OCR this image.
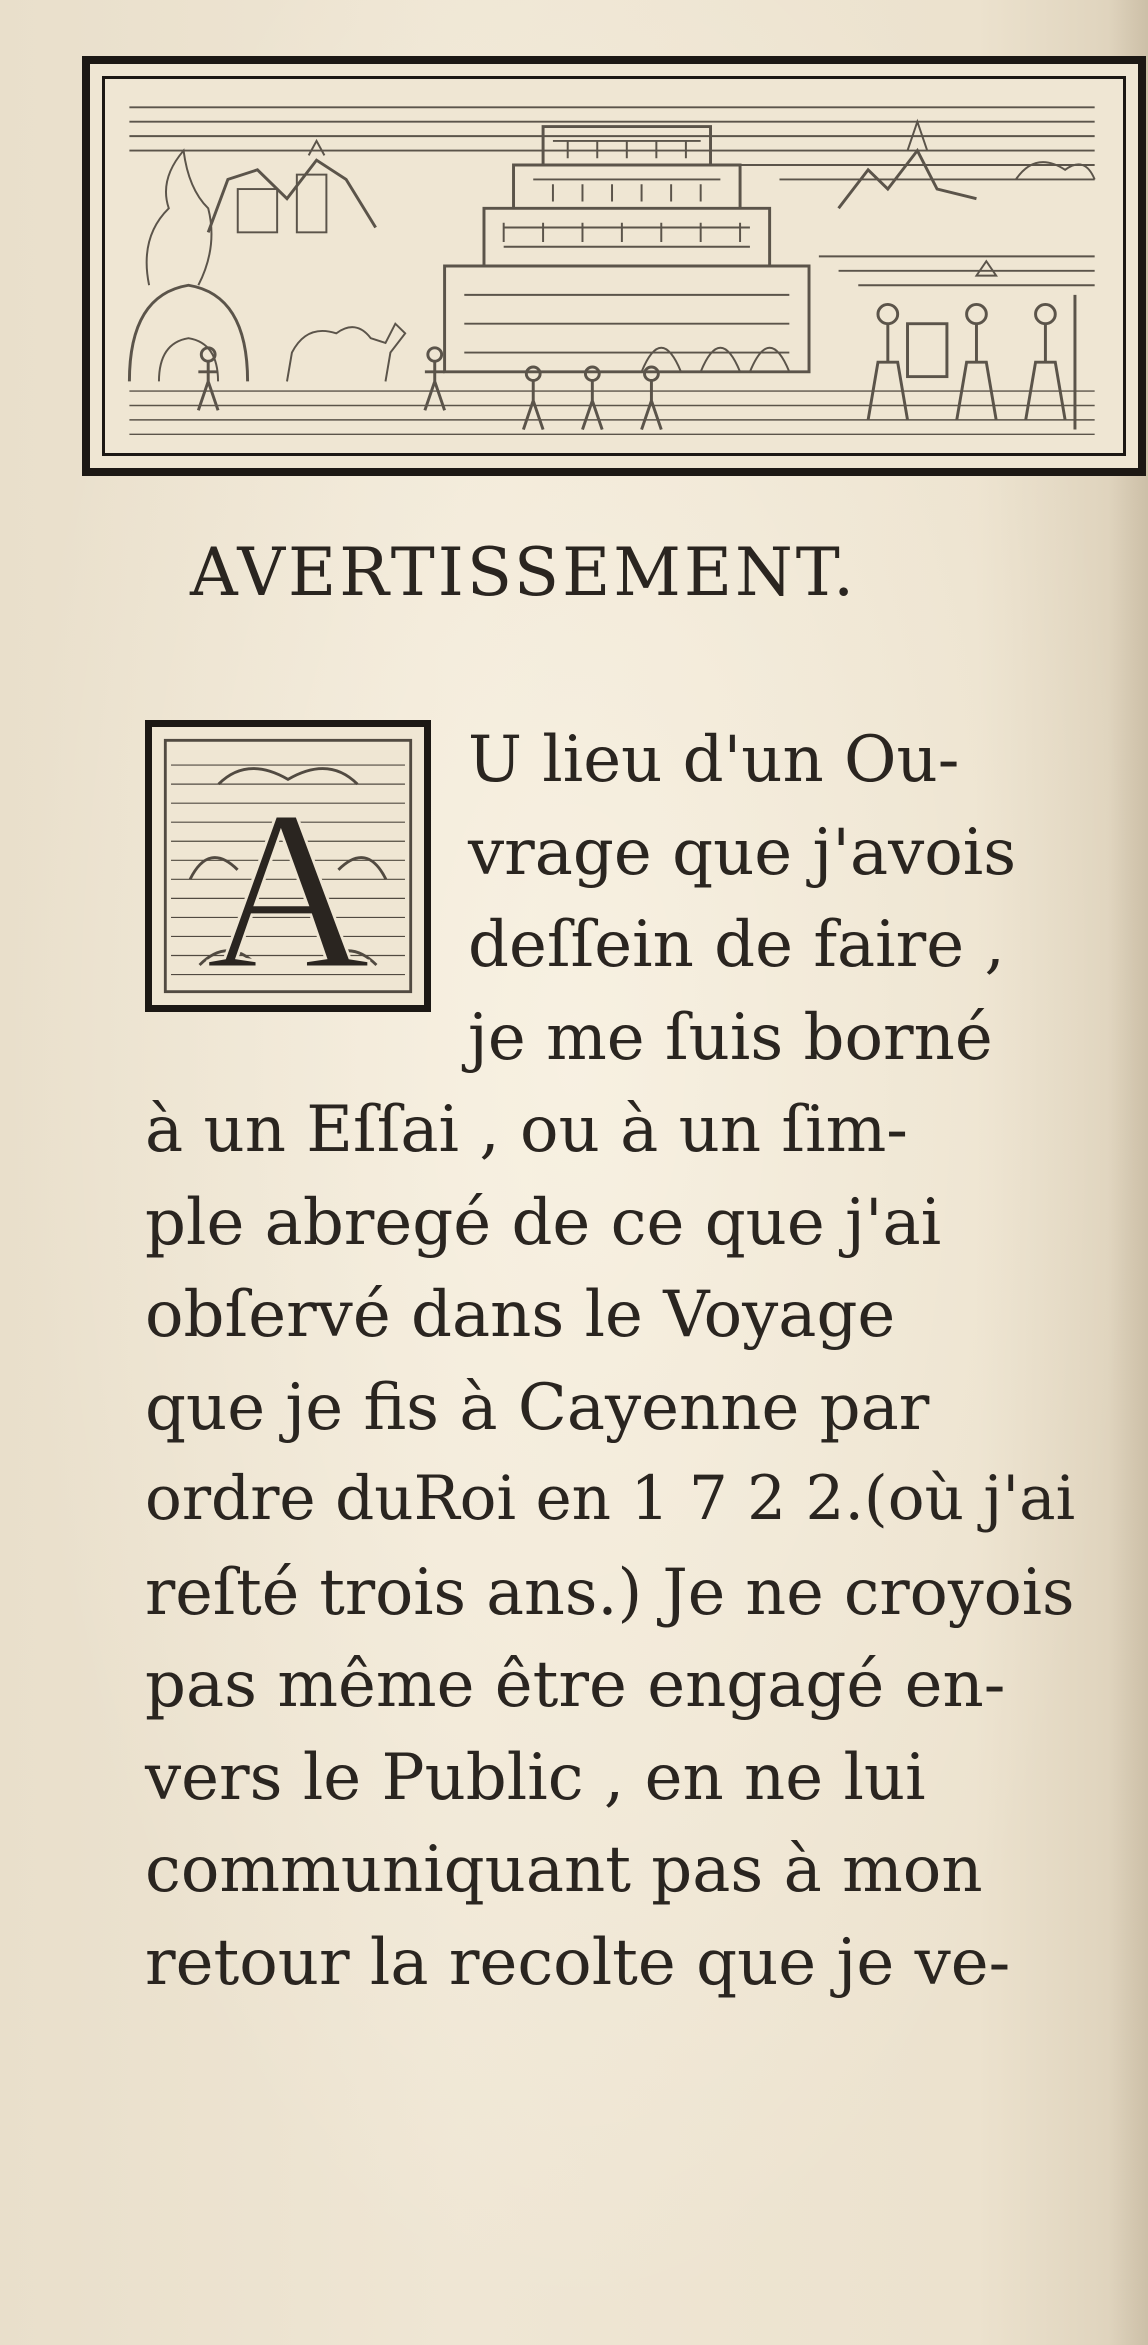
AVERTISSEMENT.
A
U lieu d'un Ou-
vrage que j'avois
deſſein de faire ,
je me ſuis borné
à un Eſſai , ou à un ſim-
ple abregé de ce que j'ai
obſervé dans le Voyage
que je fis à Cayenne par
ordre duRoi en 1 7 2 2.(où j'ai
reſté trois ans.) Je ne croyois
pas même être engagé en-
vers le Public , en ne lui
communiquant pas à mon
retour la recolte que je ve-
